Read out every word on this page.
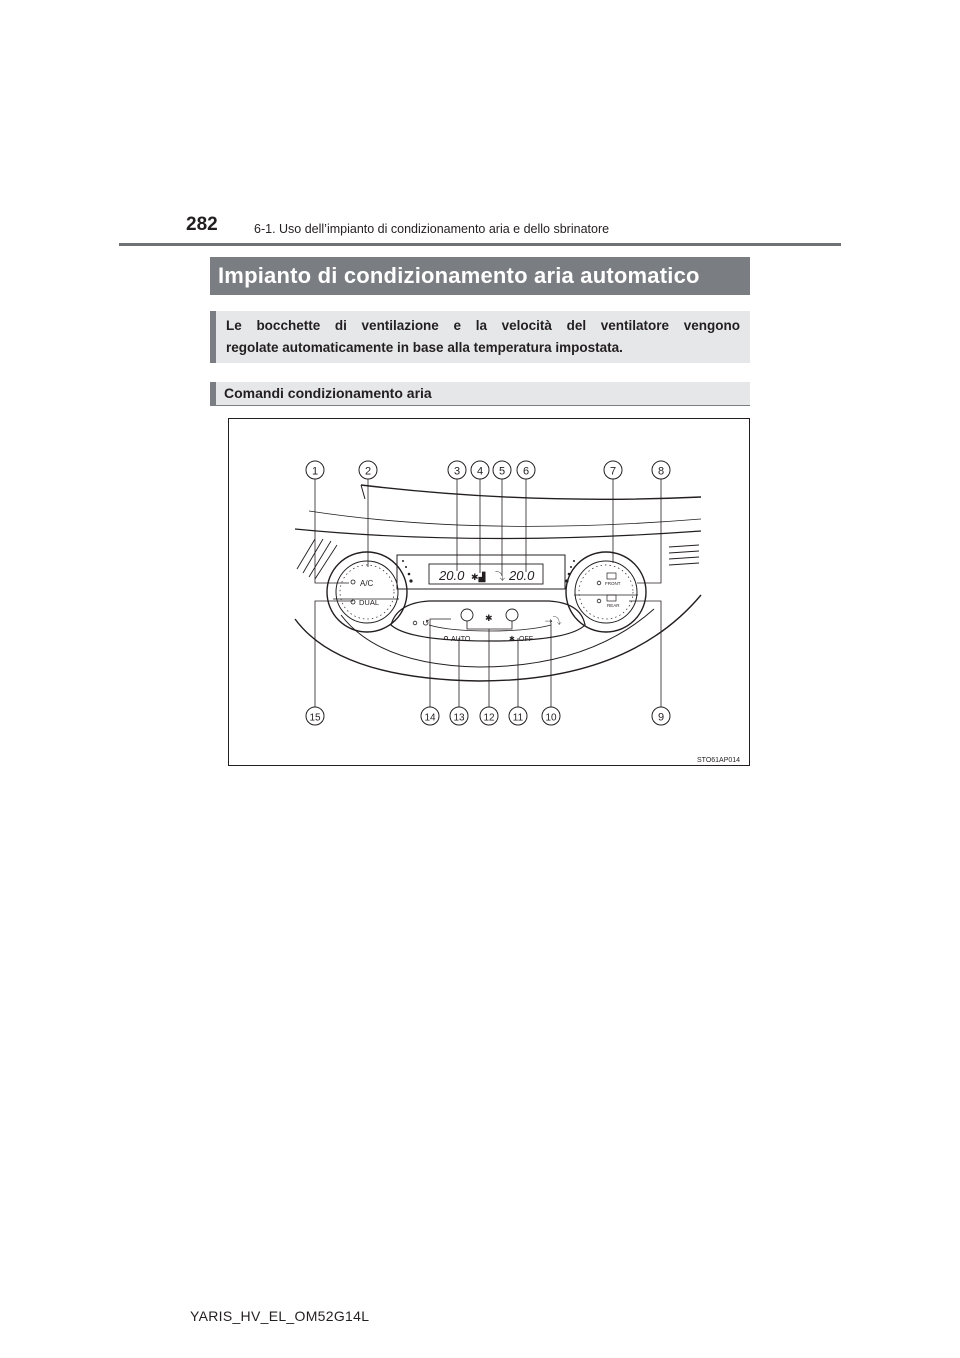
282	6-1. Uso dell’impianto di condizionamento aria e dello sbrinatore
Impianto di condizionamento aria automatico
Le bocchette di ventilazione e la velocità del ventilatore vengono
regolate automaticamente in base alla temperatura impostata.
Comandi condizionamento aria
A/C
DUAL
FRONT
REAR
20.0	20.0
✱▟ ⤵
↺	✱
AUTO	✱ OFF
⇢⤵
1	2	3 4 5 6	7	8
15	14 13 12 11 10	9
STO61AP014
YARIS_HV_EL_OM52G14L
